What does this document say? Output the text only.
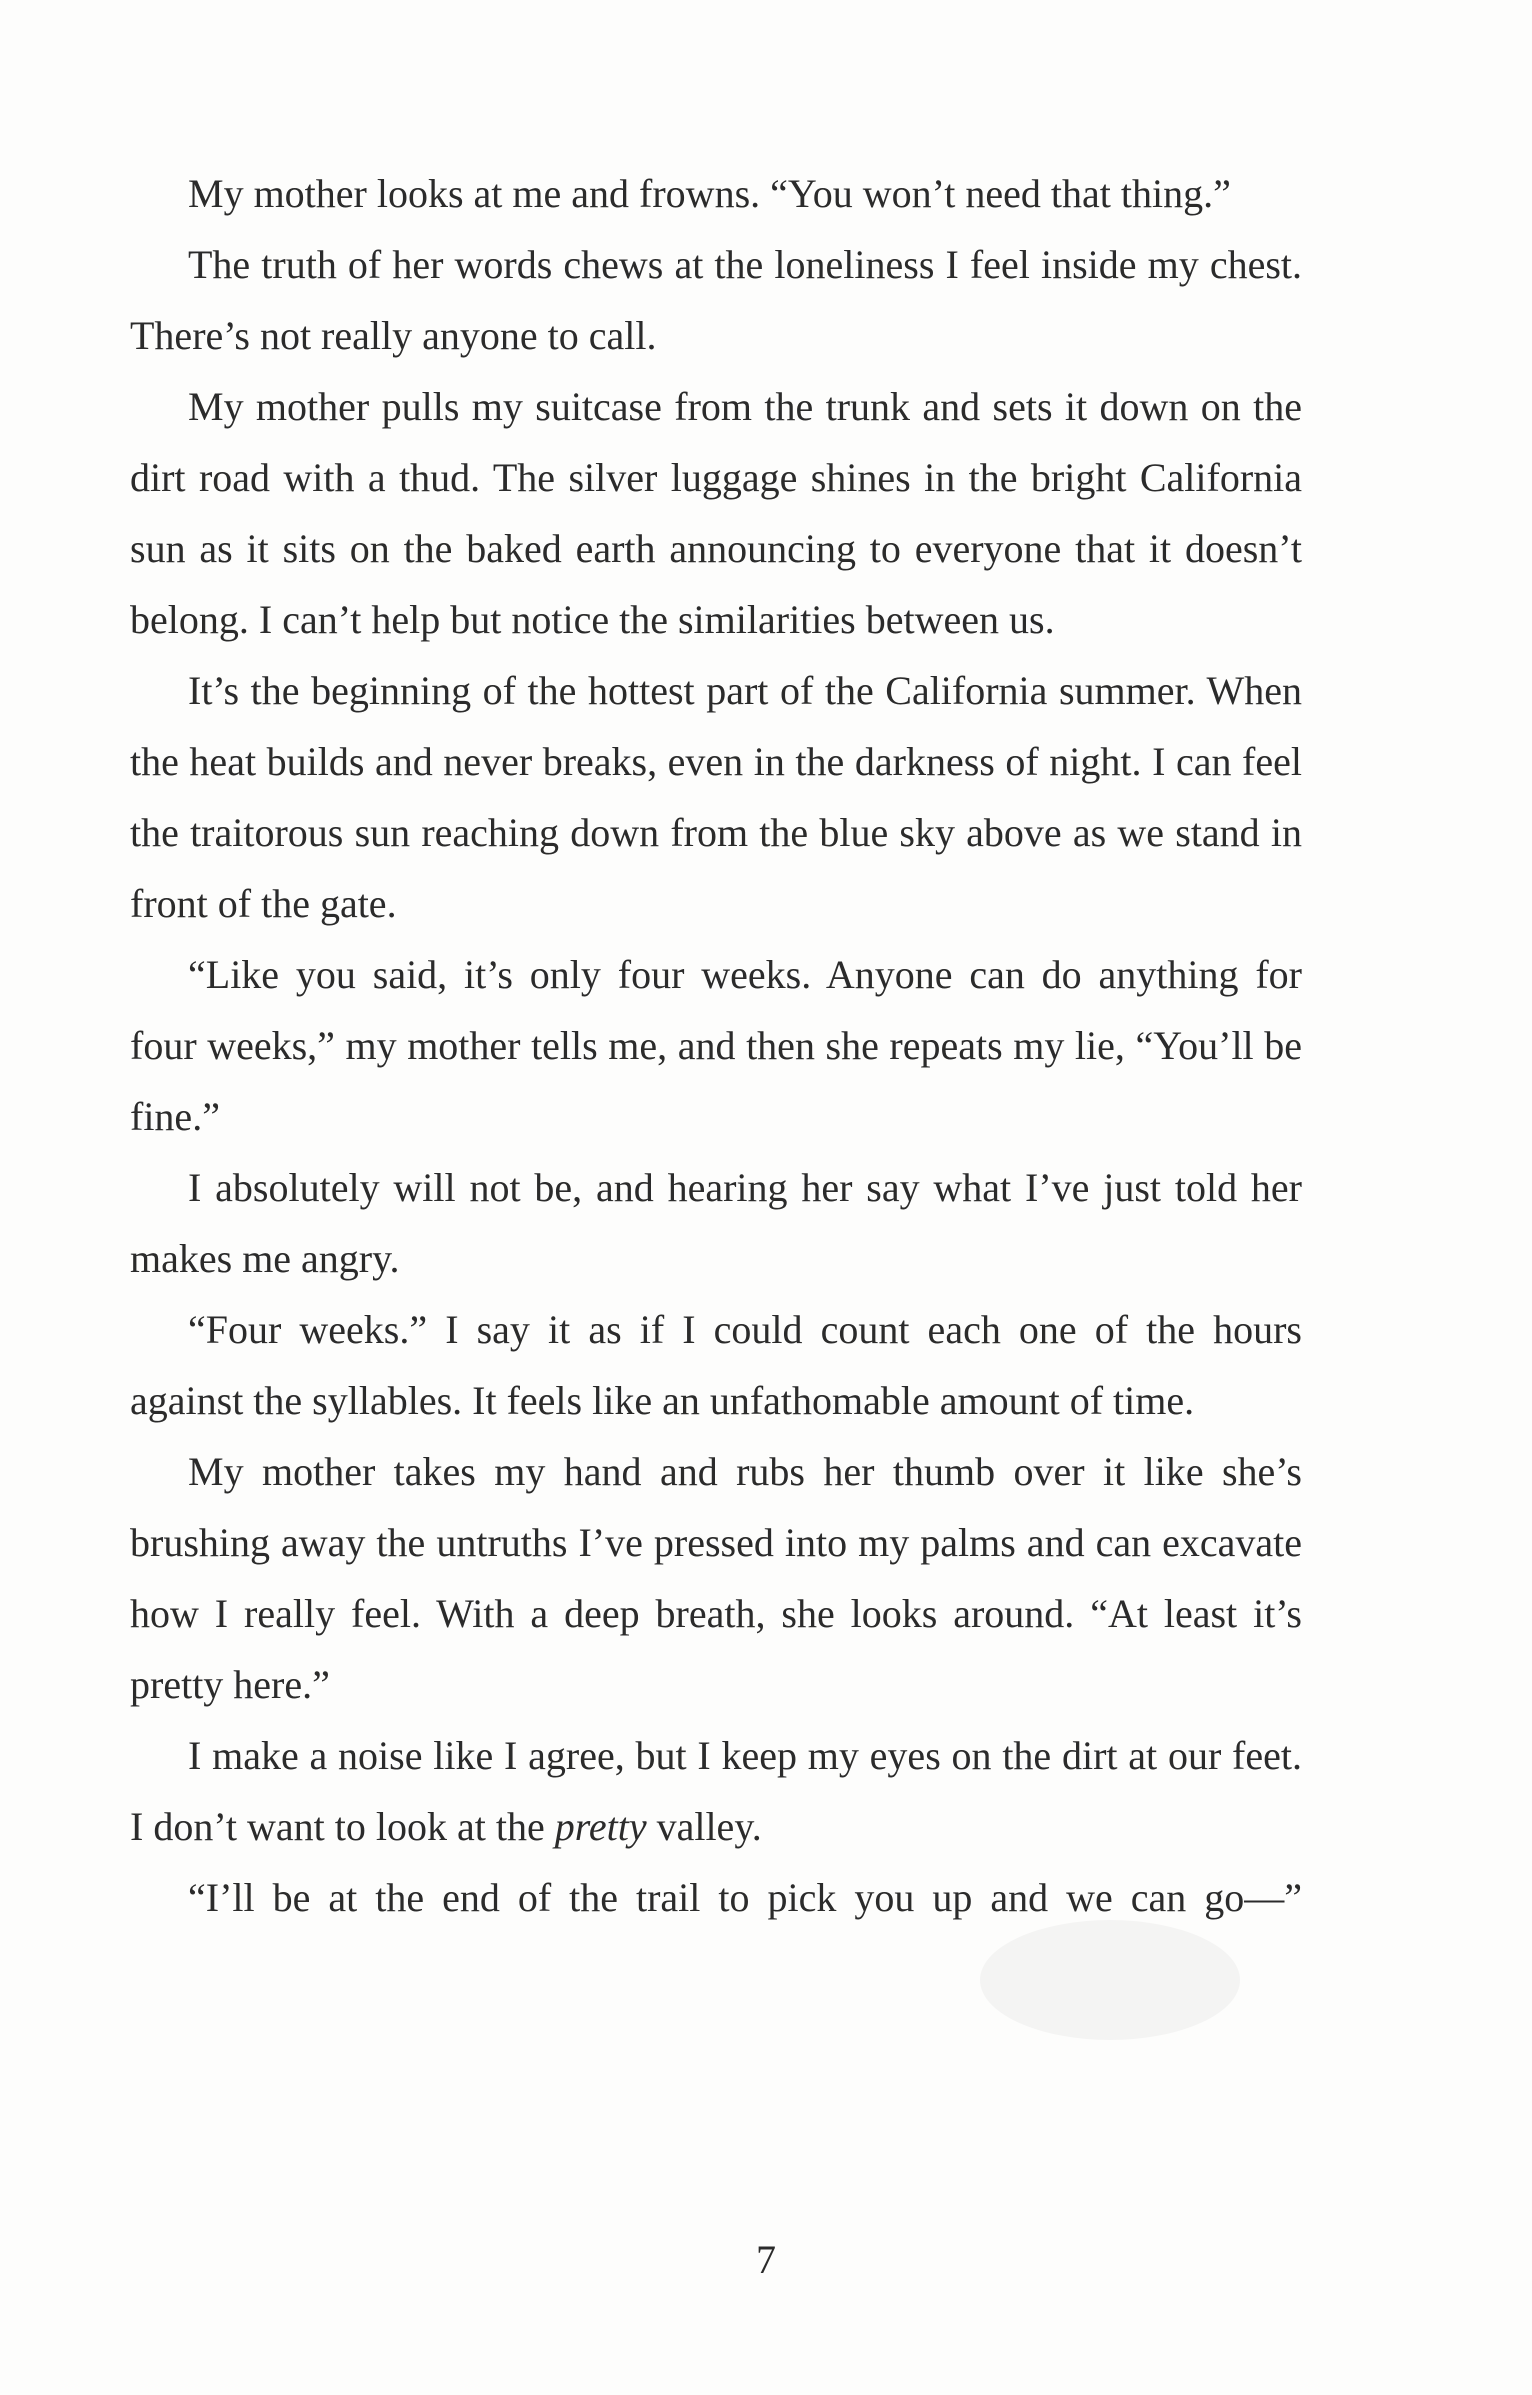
My mother looks at me and frowns. “You won’t need that thing.”

The truth of her words chews at the loneliness I feel inside my chest. There’s not really anyone to call.

My mother pulls my suitcase from the trunk and sets it down on the dirt road with a thud. The silver luggage shines in the bright California sun as it sits on the baked earth announcing to everyone that it doesn’t belong. I can’t help but notice the similarities between us.

It’s the beginning of the hottest part of the California summer. When the heat builds and never breaks, even in the darkness of night. I can feel the traitorous sun reaching down from the blue sky above as we stand in front of the gate.

“Like you said, it’s only four weeks. Anyone can do anything for four weeks,” my mother tells me, and then she repeats my lie, “You’ll be fine.”

I absolutely will not be, and hearing her say what I’ve just told her makes me angry.

“Four weeks.” I say it as if I could count each one of the hours against the syllables. It feels like an unfathomable amount of time.

My mother takes my hand and rubs her thumb over it like she’s brushing away the untruths I’ve pressed into my palms and can excavate how I really feel. With a deep breath, she looks around. “At least it’s pretty here.”

I make a noise like I agree, but I keep my eyes on the dirt at our feet. I don’t want to look at the pretty valley.

“I’ll be at the end of the trail to pick you up and we can go—”

7
